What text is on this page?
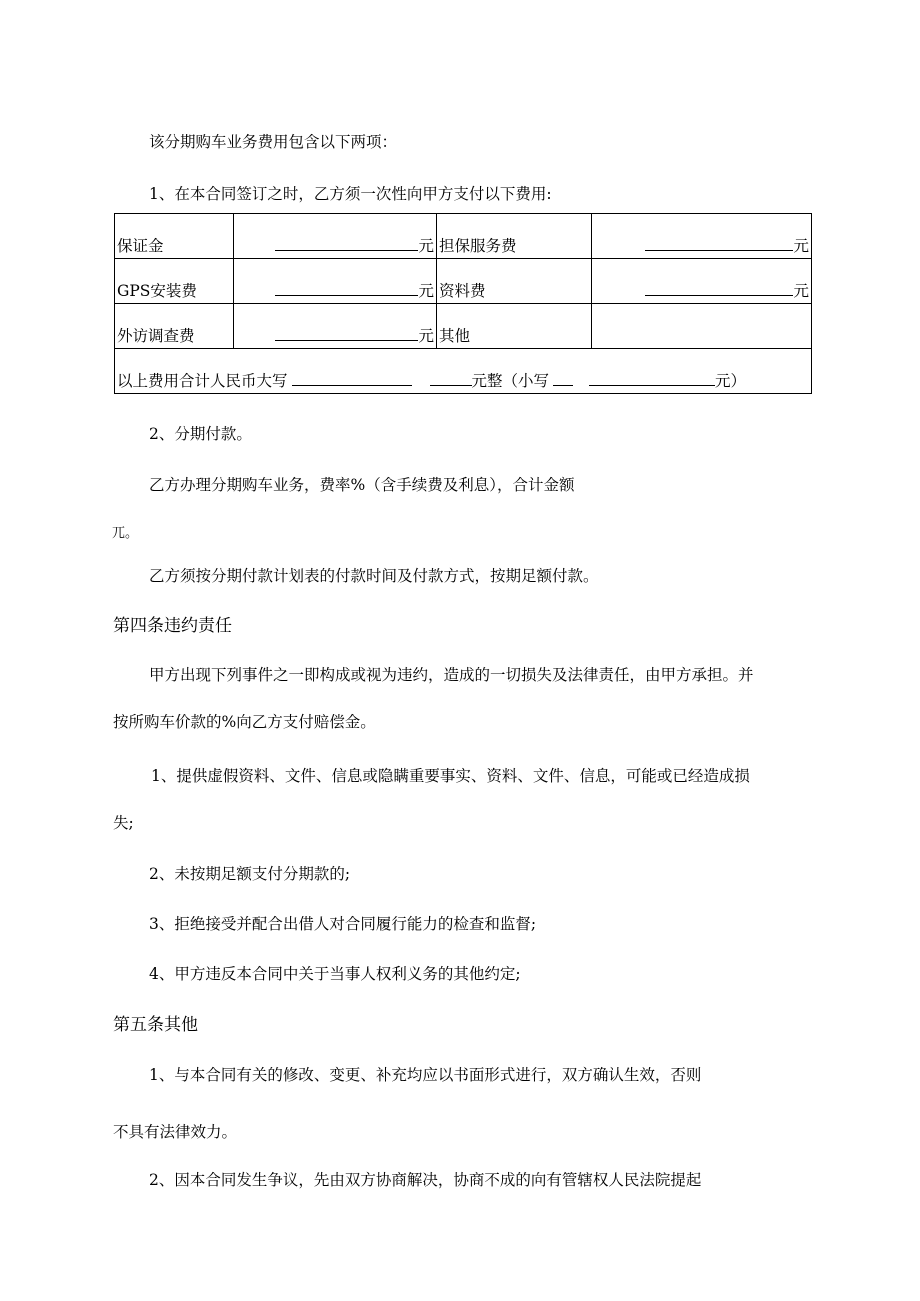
该分期购车业务费用包含以下两项：
1、在本合同签订之时，乙方须一次性向甲方支付以下费用:
保证金	元	担保服务费	元
GPS安装费	元	资料费	元
外访调查费	元	其他	
以上费用合计人民币大写 元整（小写 元）			
2、分期付款。
乙方办理分期购车业务，费率%（含手续费及利息），合计金额
兀。
乙方须按分期付款计划表的付款时间及付款方式，按期足额付款。
第四条违约责任
甲方出现下列事件之一即构成或视为违约，造成的一切损失及法律责任，由甲方承担。并
按所购车价款的%向乙方支付赔偿金。
1、提供虚假资料、文件、信息或隐瞒重要事实、资料、文件、信息，可能或已经造成损
失;
2、未按期足额支付分期款的;
3、拒绝接受并配合出借人对合同履行能力的检查和监督;
4、甲方违反本合同中关于当事人权利义务的其他约定;
第五条其他
1、与本合同有关的修改、变更、补充均应以书面形式进行，双方确认生效，否则
不具有法律效力。
2、因本合同发生争议，先由双方协商解决，协商不成的向有管辖权人民法院提起
